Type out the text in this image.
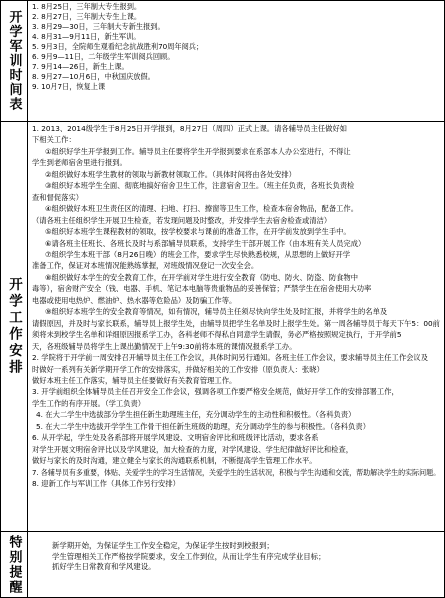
开学军训时间表
1. 8月25日，三年制大专生报到。
2. 8月27日，三年制大专生上课。
3. 8月29—30日，三年制大专新生报到。
4. 8月31—9月11日，新生军训。
5. 9月3日，全院师生观看纪念抗战胜利70周年阅兵；
6. 9月9—11日，二年级学生军训阅兵回顾。
7. 9月14—26日，新生上课。
8. 9月27—10月6日，中秋国庆放假。
9. 10月7日，恢复上课
开学工作安排
1. 2013、2014级学生于8月25日开学报到，8月27日（周四）正式上课。请各辅导员主任做好如
下相关工作：
①组织好学生开学报到工作。辅导员主任要将学生开学报到要求在系部本人办公室进行，不得让
学生到老师宿舍里进行报到。
②组织做好本班学生教材的领取与新教材领取工作。（具体时间将由各处安排）
③组织好本班学生全面、彻底地搞好宿舍卫生工作，注意宿舍卫生。（班主任负责，各班长负责检
查和督促落实）
④组织做好本班卫生责任区的清理、扫地、打扫、擦窗等卫生工作，检查本宿舍物品，配备工作。
（请各班主任组织学生开展卫生检查，若发现问题及时整改，并安排学生去宿舍检查或清洁）
⑤组织好本班学生课程教材的领取，按学校要求与课前的准备工作，在开学前发放到学生手中。
⑥请各班主任班长、各班长及时与系部辅导员联系，支持学生干部开展工作（由本班有关人员完成）
⑦组织学生本班干部（8月26日晚）的班会工作，要求学生尽快熟悉校规，从思想的上做好开学
准备工作，保证对本班情况能熟练掌握，对班级情况登记一次安全会。
⑧组织做好本学生的安全教育工作，在开学前对学生进行安全教育（防电、防火、防盗、防食物中
毒等），宿舍财产安全（钱、电器、手机、笔记本电脑等贵重物品的妥善保管；严禁学生在宿舍使用大功率
电器或使用电热炉、燃油炉、热水器等危险品）及防骗工作等。
⑨组织好本班学生的安全教育等情况，如有情况，辅导员主任须尽快向学生处及时汇报，并将学生的名单及
请假原因，并及时与家长联系，辅导员上报学生处，由辅导员把学生名单及时上报学生处。第一周各辅导员于每天下午5：00前
须将未到校学生名单和详细原因报系学工办，各科老师不得私自同意学生请假，务必严格按照规定执行，于开学前5
天，各班级辅导员将学生上课出勤情况于上午9:30前将本班的课情况报系学工办。
2. 学院将于开学前一周安排召开辅导员主任工作会议，具体时间另行通知。各班主任工作会议，要求辅导员主任工作会议及
时做好一系列有关新学期开学工作的安排落实，并做好相关的工作安排（原负责人：张晓）
做好本班主任工作落实，辅导员主任要做好有关教育管理工作。
3. 开学前组织全体辅导员主任召开安全工作会议，强调各项工作要严格安全规范，做好开学工作的安排部署工作，
学生工作的有序开展。（学工负责）
4. 在大二学生中选拔部分学生担任新生助理班主任，充分调动学生的主动性和积极性。（各科负责）
5. 在大二学生中选拔开学学生工作骨干担任新生班级的助理，充分调动学生的参与积极性。（各科负责）
6. 从开学起，学生处及各系部将开展学风建设、文明宿舍评比和班级评比活动，要求各系
对学生开展文明宿舍评比以及学风建设，加大检查的力度，对学风建设、学生纪律做好评比和检查，
做好与家长的及时沟通，建立健全与家长的沟通联系机制，不断提高学生管理工作水平。
7. 各辅导员有多重要，体贴、关爱学生的学习生活情况，关爱学生的生活状况，积极与学生沟通和交流，帮助解决学生的实际问题。
8. 迎新工作与军训工作（具体工作另行安排）
特别提醒	新学期开始，为保证学生工作安全稳定，为保证学生按时到校报到；
学生管理相关工作严格按学院要求，安全工作到位，从而让学生有序完成学业目标；
抓好学生日常教育和学风建设。
